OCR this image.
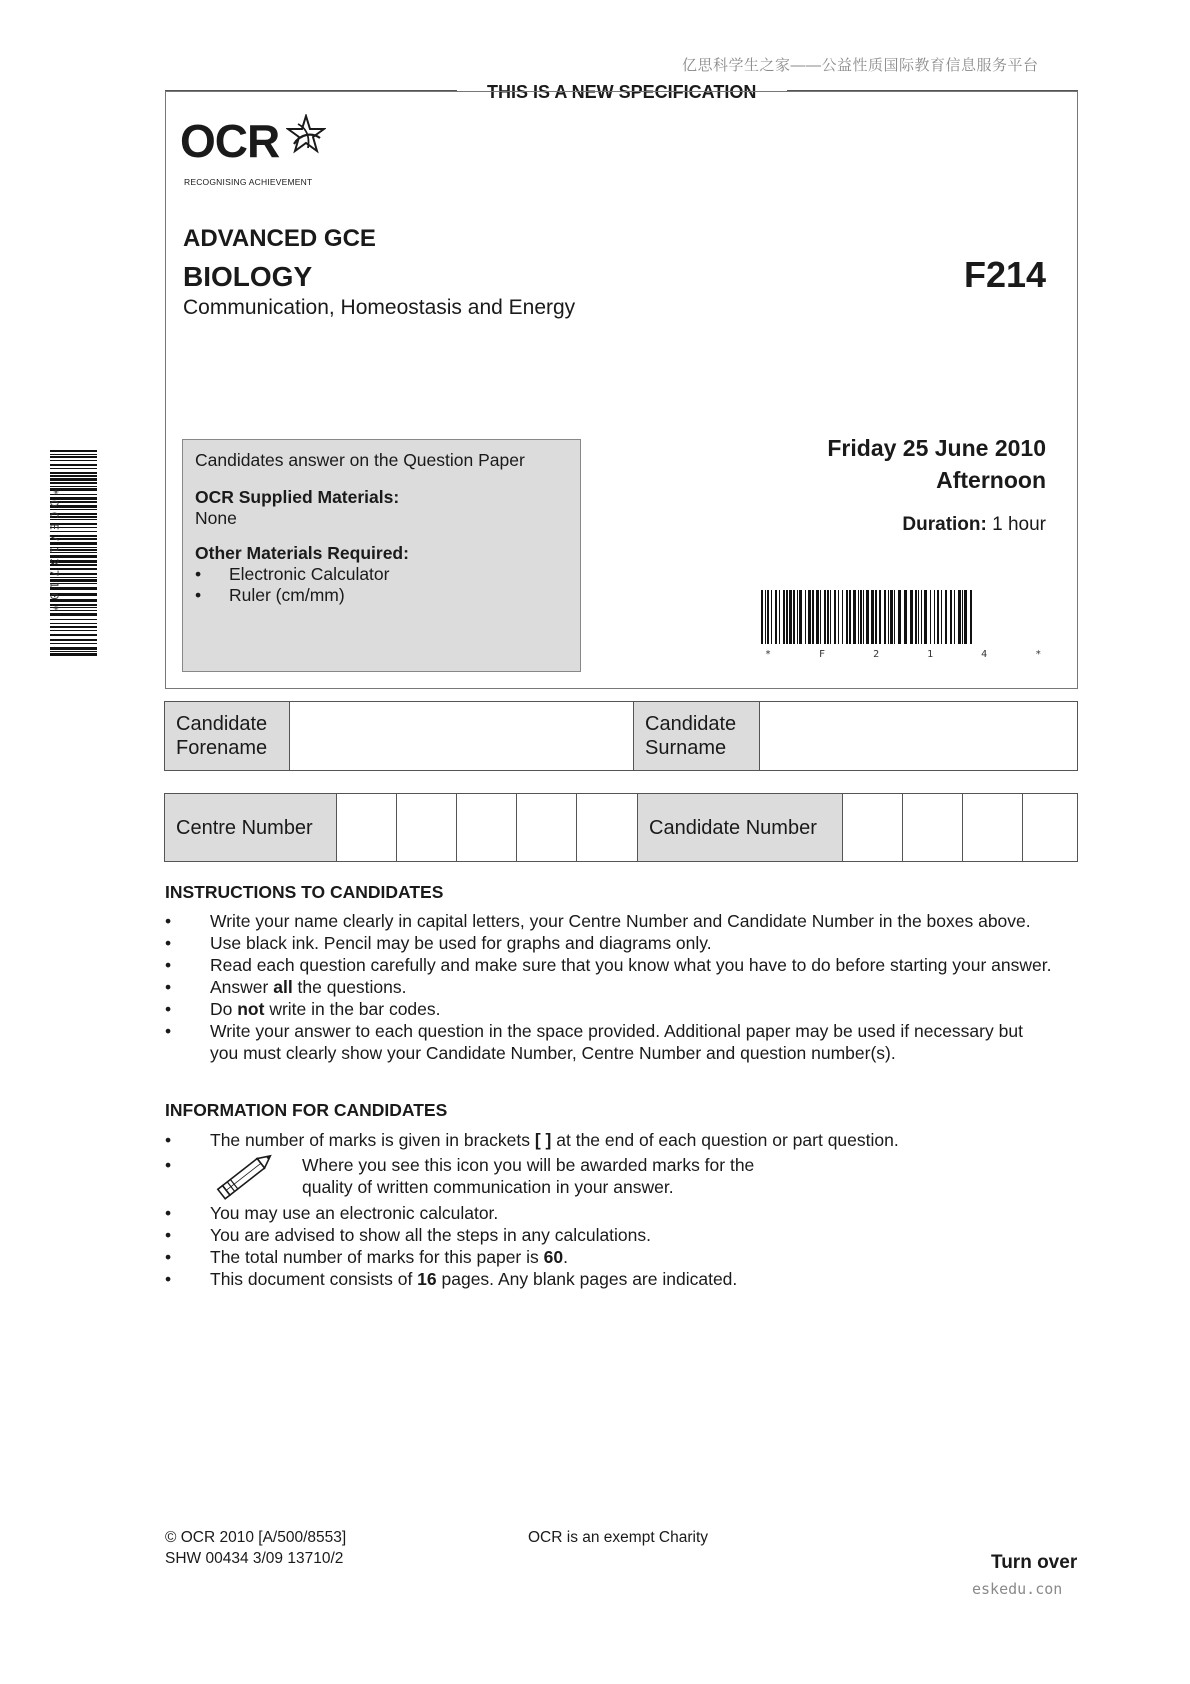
亿思科学生之家——公益性质国际教育信息服务平台
THIS IS A NEW SPECIFICATION
OCR
RECOGNISING ACHIEVEMENT
ADVANCED GCE
BIOLOGY
Communication, Homeostasis and Energy
F214
Candidates answer on the Question Paper
OCR Supplied Materials:
None
Other Materials Required:
• Electronic Calculator
• Ruler (cm/mm)
Friday 25 June 2010
Afternoon
Duration: 1 hour
* F 2 1 4 *
*OCE/13710*
Candidate
Forename
Candidate
Surname
Centre Number	Candidate Number
INSTRUCTIONS TO CANDIDATES
• Write your name clearly in capital letters, your Centre Number and Candidate Number in the boxes above.
• Use black ink. Pencil may be used for graphs and diagrams only.
• Read each question carefully and make sure that you know what you have to do before starting your answer.
• Answer all the questions.
• Do not write in the bar codes.
• Write your answer to each question in the space provided. Additional paper may be used if necessary but
you must clearly show your Candidate Number, Centre Number and question number(s).
INFORMATION FOR CANDIDATES
• The number of marks is given in brackets [ ] at the end of each question or part question.
•	Where you see this icon you will be awarded marks for the
quality of written communication in your answer.
• You may use an electronic calculator.
• You are advised to show all the steps in any calculations.
• The total number of marks for this paper is 60.
• This document consists of 16 pages. Any blank pages are indicated.
© OCR 2010 [A/500/8553]
SHW 00434 3/09 13710/2
OCR is an exempt Charity
Turn over
eskedu.con
